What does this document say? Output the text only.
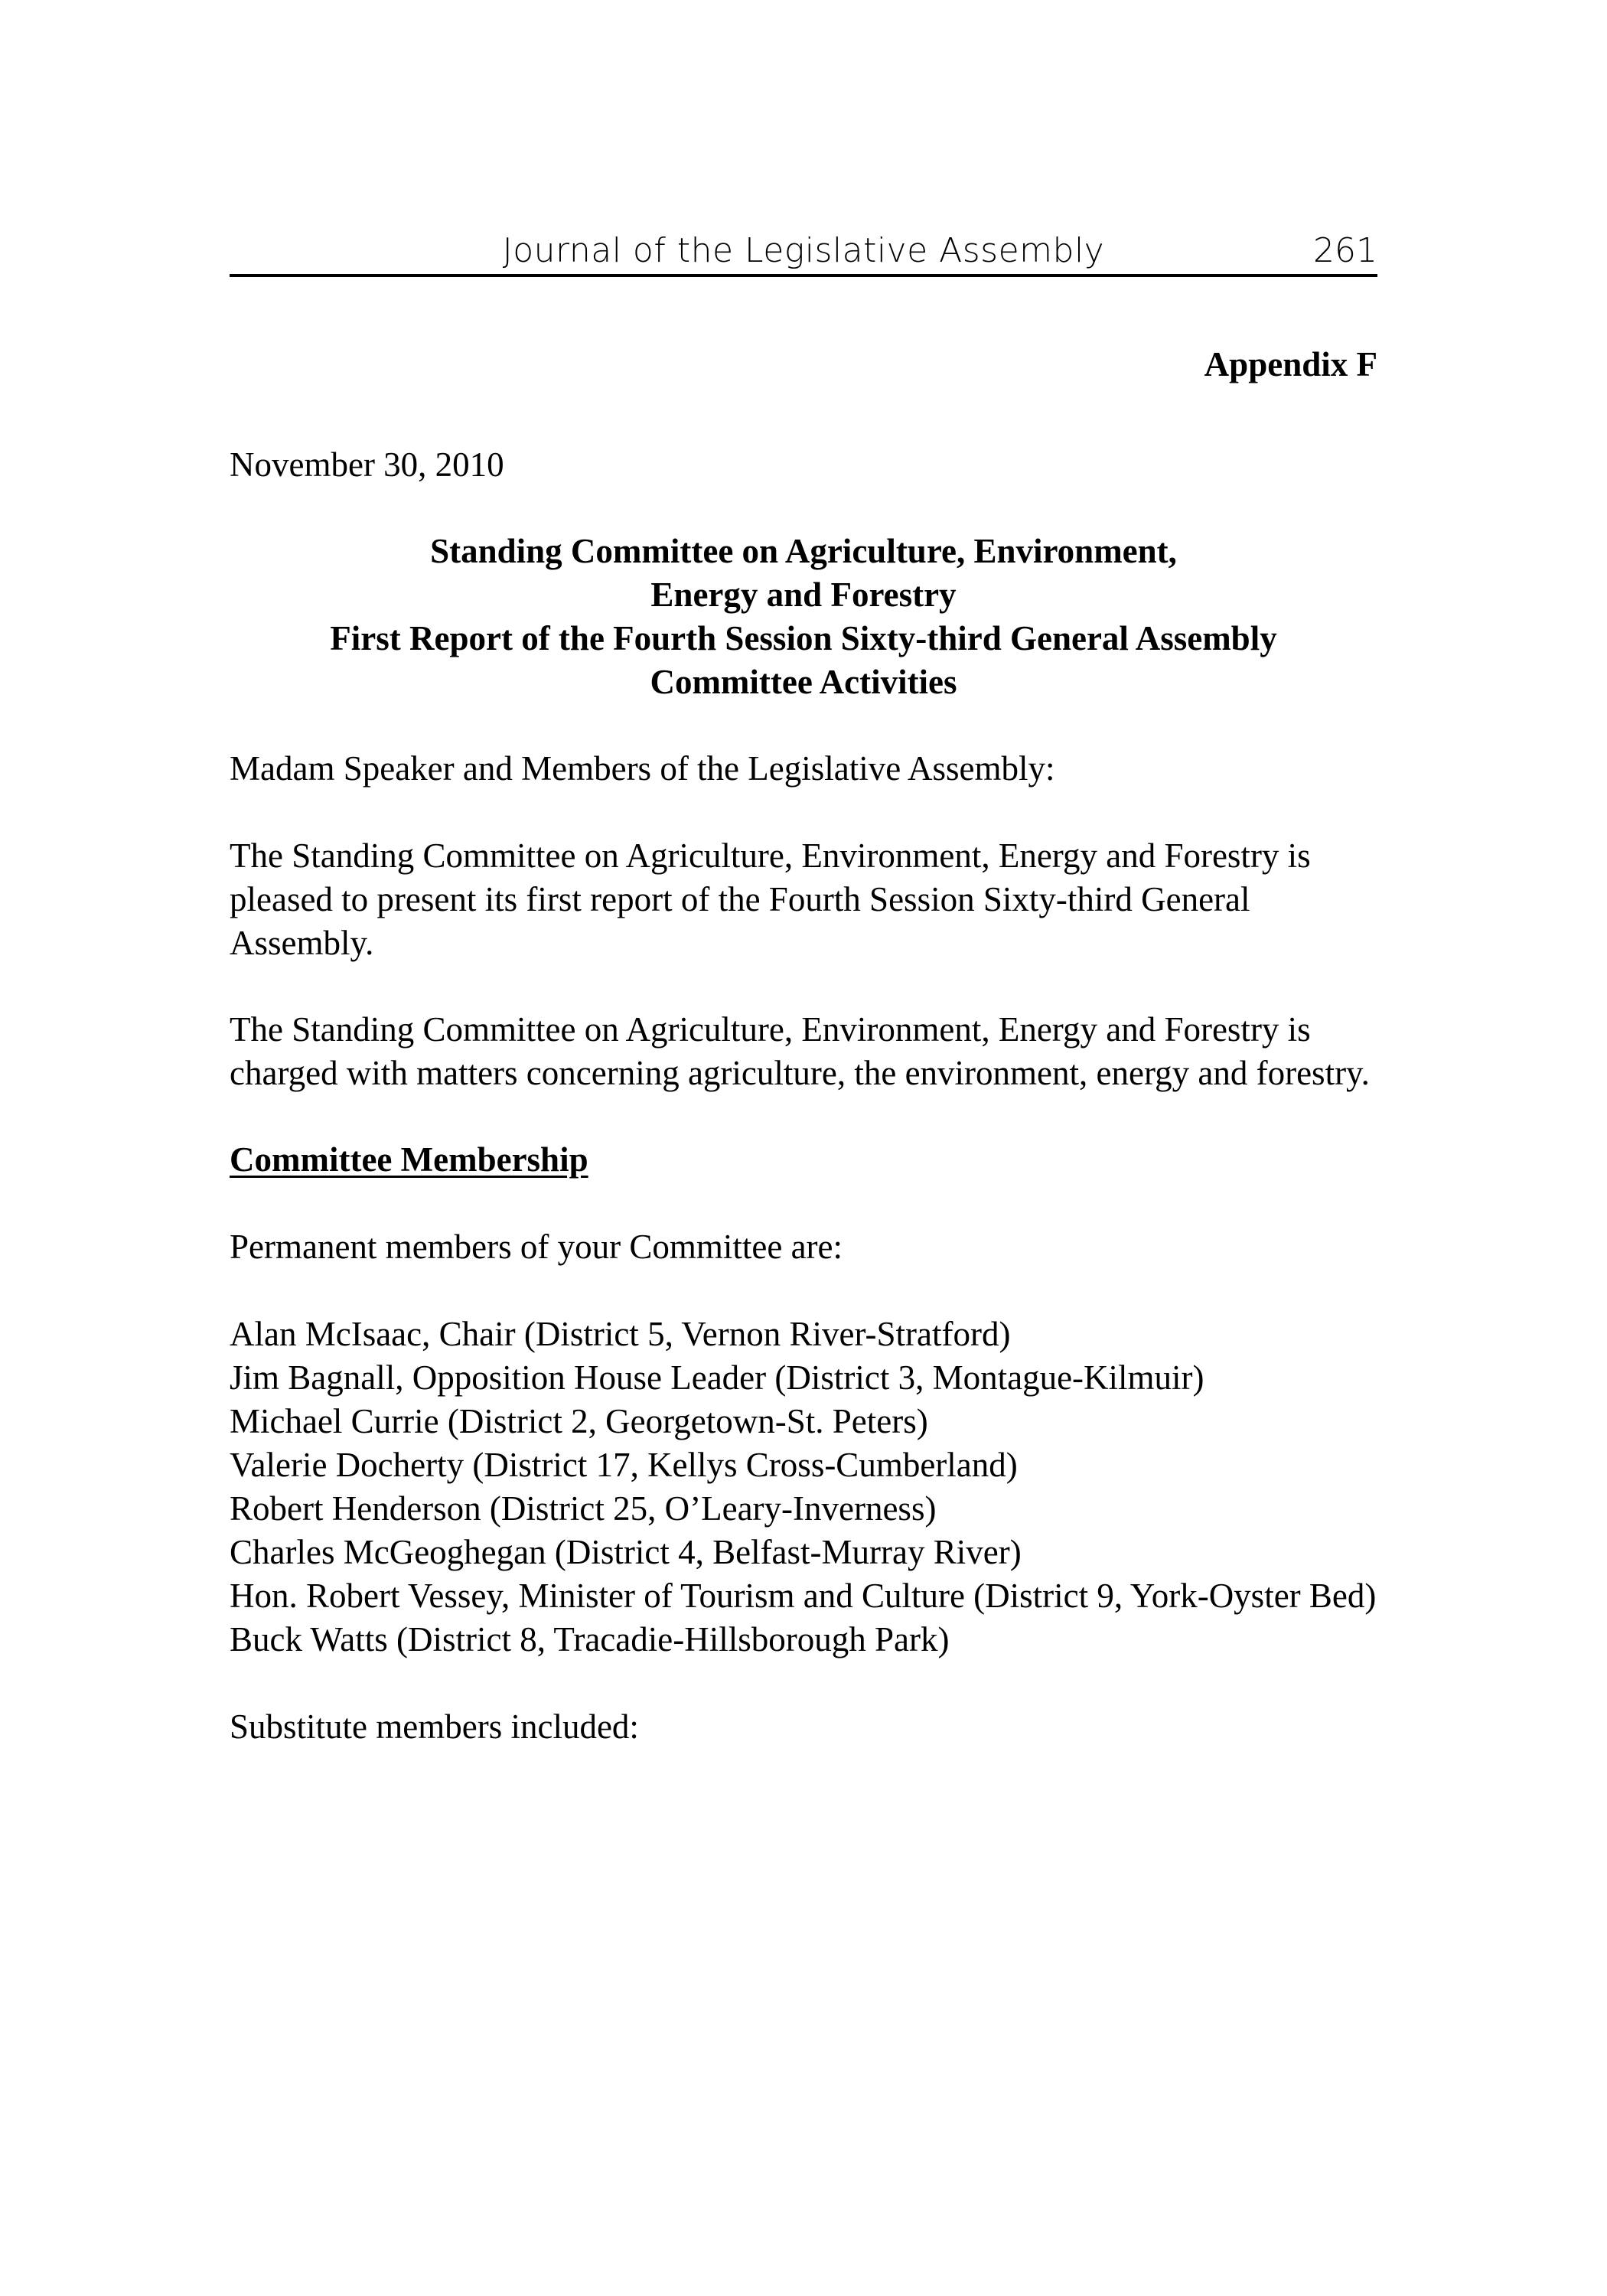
Journal of the Legislative Assembly	261

Appendix F

November 30, 2010

Standing Committee on Agriculture, Environment,
Energy and Forestry
First Report of the Fourth Session Sixty-third General Assembly
Committee Activities

Madam Speaker and Members of the Legislative Assembly:

The Standing Committee on Agriculture, Environment, Energy and Forestry is pleased to present its first report of the Fourth Session Sixty-third General Assembly.

The Standing Committee on Agriculture, Environment, Energy and Forestry is charged with matters concerning agriculture, the environment, energy and forestry.

Committee Membership

Permanent members of your Committee are:

Alan McIsaac, Chair (District 5, Vernon River-Stratford)
Jim Bagnall, Opposition House Leader (District 3, Montague-Kilmuir)
Michael Currie (District 2, Georgetown-St. Peters)
Valerie Docherty (District 17, Kellys Cross-Cumberland)
Robert Henderson (District 25, O’Leary-Inverness)
Charles McGeoghegan (District 4, Belfast-Murray River)
Hon. Robert Vessey, Minister of Tourism and Culture (District 9, York-Oyster Bed)
Buck Watts (District 8, Tracadie-Hillsborough Park)

Substitute members included:
